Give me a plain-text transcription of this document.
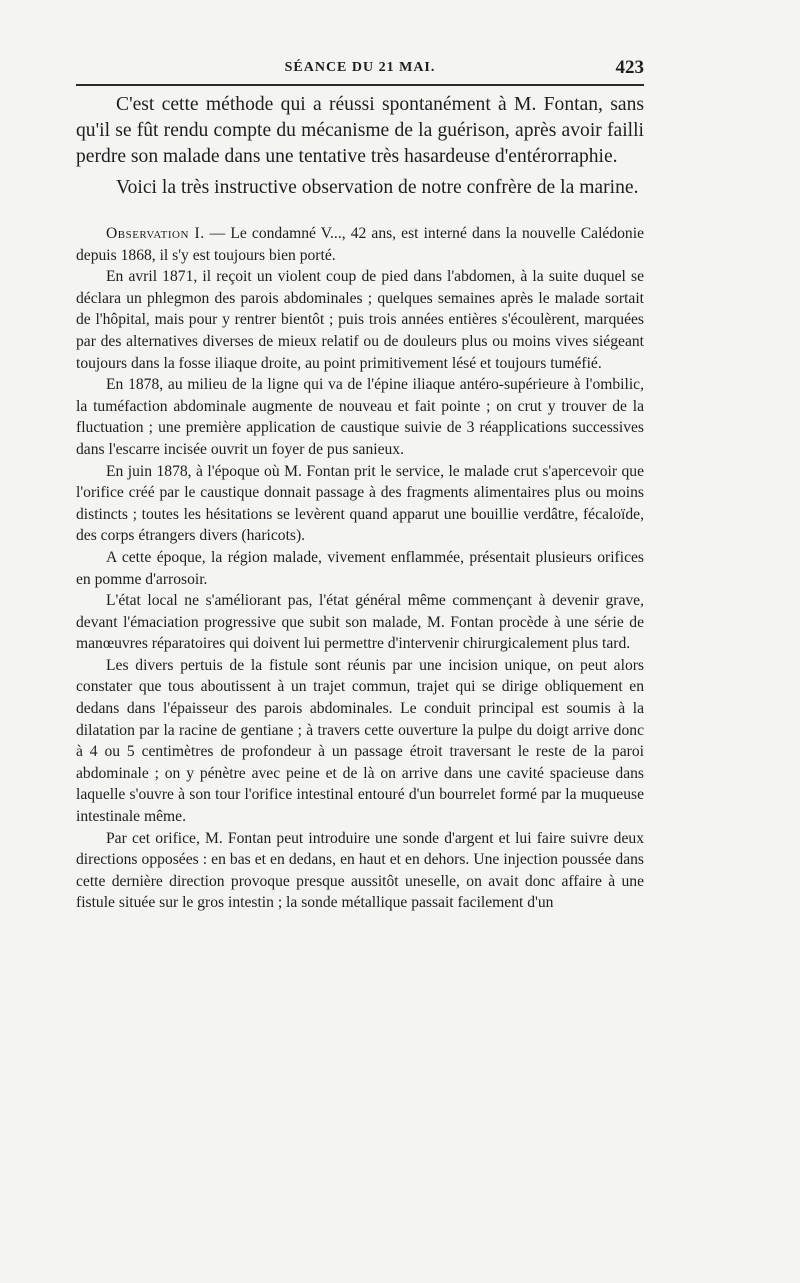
SÉANCE DU 21 MAI.	423

C'est cette méthode qui a réussi spontanément à M. Fontan, sans qu'il se fût rendu compte du mécanisme de la guérison, après avoir failli perdre son malade dans une tentative très hasardeuse d'entérorraphie.

Voici la très instructive observation de notre confrère de la marine.

Observation I. — Le condamné V..., 42 ans, est interné dans la nouvelle Calédonie depuis 1868, il s'y est toujours bien porté.

En avril 1871, il reçoit un violent coup de pied dans l'abdomen, à la suite duquel se déclara un phlegmon des parois abdominales ; quelques semaines après le malade sortait de l'hôpital, mais pour y rentrer bientôt ; puis trois années entières s'écoulèrent, marquées par des alternatives diverses de mieux relatif ou de douleurs plus ou moins vives siégeant toujours dans la fosse iliaque droite, au point primitivement lésé et toujours tuméfié.

En 1878, au milieu de la ligne qui va de l'épine iliaque antéro-supérieure à l'ombilic, la tuméfaction abdominale augmente de nouveau et fait pointe ; on crut y trouver de la fluctuation ; une première application de caustique suivie de 3 réapplications successives dans l'escarre incisée ouvrit un foyer de pus sanieux.

En juin 1878, à l'époque où M. Fontan prit le service, le malade crut s'apercevoir que l'orifice créé par le caustique donnait passage à des fragments alimentaires plus ou moins distincts ; toutes les hésitations se levèrent quand apparut une bouillie verdâtre, fécaloïde, des corps étrangers divers (haricots).

A cette époque, la région malade, vivement enflammée, présentait plusieurs orifices en pomme d'arrosoir.

L'état local ne s'améliorant pas, l'état général même commençant à devenir grave, devant l'émaciation progressive que subit son malade, M. Fontan procède à une série de manœuvres réparatoires qui doivent lui permettre d'intervenir chirurgicalement plus tard.

Les divers pertuis de la fistule sont réunis par une incision unique, on peut alors constater que tous aboutissent à un trajet commun, trajet qui se dirige obliquement en dedans dans l'épaisseur des parois abdominales. Le conduit principal est soumis à la dilatation par la racine de gentiane ; à travers cette ouverture la pulpe du doigt arrive donc à 4 ou 5 centimètres de profondeur à un passage étroit traversant le reste de la paroi abdominale ; on y pénètre avec peine et de là on arrive dans une cavité spacieuse dans laquelle s'ouvre à son tour l'orifice intestinal entouré d'un bourrelet formé par la muqueuse intestinale même.

Par cet orifice, M. Fontan peut introduire une sonde d'argent et lui faire suivre deux directions opposées : en bas et en dedans, en haut et en dehors. Une injection poussée dans cette dernière direction provoque presque aussitôt uneselle, on avait donc affaire à une fistule située sur le gros intestin ; la sonde métallique passait facilement d'un
